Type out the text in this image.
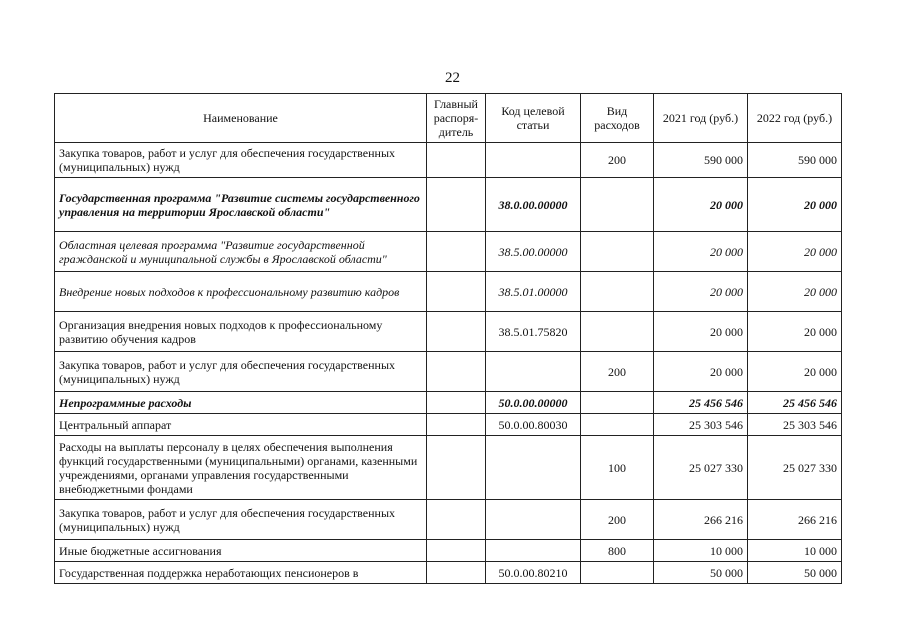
22
Наименование	Главный распоря-дитель	Код целевой статьи	Вид расходов	2021 год (руб.)	2022 год (руб.)
Закупка товаров, работ и услуг для обеспечения государственных (муниципальных) нужд			200	590 000	590 000
Государственная программа "Развитие системы государственного управления на территории Ярославской области"		38.0.00.00000		20 000	20 000
Областная целевая программа "Развитие государственной гражданской и муниципальной службы в Ярославской области"		38.5.00.00000		20 000	20 000
Внедрение новых подходов к профессиональному развитию кадров		38.5.01.00000		20 000	20 000
Организация внедрения новых подходов к профессиональному развитию обучения кадров		38.5.01.75820		20 000	20 000
Закупка товаров, работ и услуг для обеспечения государственных (муниципальных) нужд			200	20 000	20 000
Непрограммные расходы		50.0.00.00000		25 456 546	25 456 546
Центральный аппарат		50.0.00.80030		25 303 546	25 303 546
Расходы на выплаты персоналу в целях обеспечения выполнения функций государственными (муниципальными) органами, казенными учреждениями, органами управления государственными внебюджетными фондами			100	25 027 330	25 027 330
Закупка товаров, работ и услуг для обеспечения государственных (муниципальных) нужд			200	266 216	266 216
Иные бюджетные ассигнования			800	10 000	10 000
Государственная поддержка неработающих пенсионеров в		50.0.00.80210		50 000	50 000
